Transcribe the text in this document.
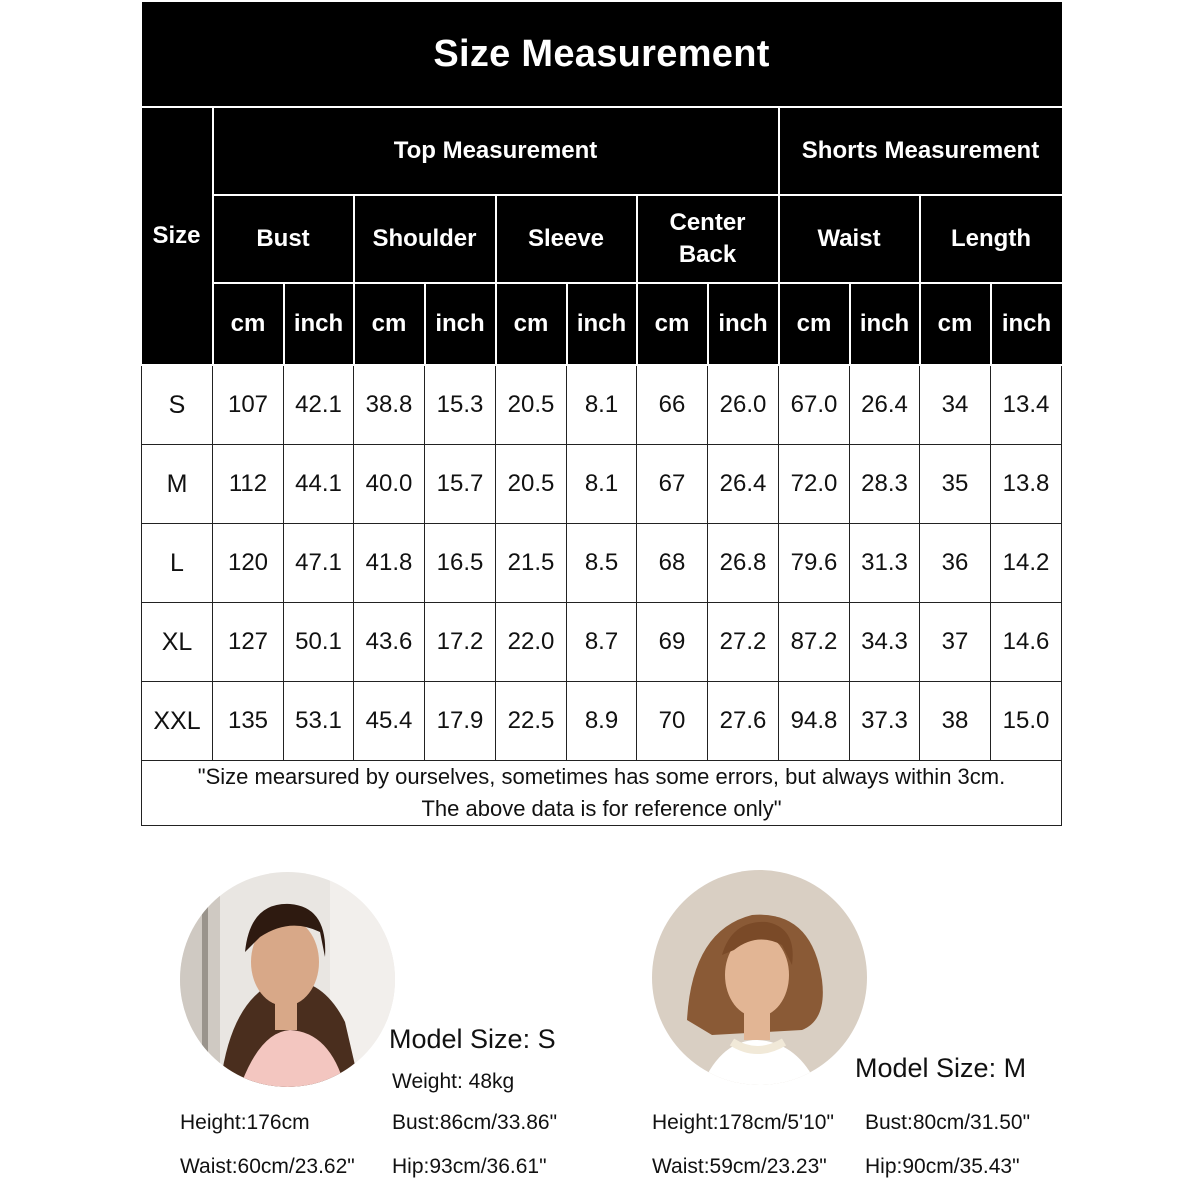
Size Measurement												
Size	Top Measurement								Shorts Measurement			
	Bust		Shoulder		Sleeve		Center Back		Waist		Length	
	cm	inch	cm	inch	cm	inch	cm	inch	cm	inch	cm	inch
S	107	42.1	38.8	15.3	20.5	8.1	66	26.0	67.0	26.4	34	13.4
M	112	44.1	40.0	15.7	20.5	8.1	67	26.4	72.0	28.3	35	13.8
L	120	47.1	41.8	16.5	21.5	8.5	68	26.8	79.6	31.3	36	14.2
XL	127	50.1	43.6	17.2	22.0	8.7	69	27.2	87.2	34.3	37	14.6
XXL	135	53.1	45.4	17.9	22.5	8.9	70	27.6	94.8	37.3	38	15.0

"Size mearsured by ourselves, sometimes has some errors, but always within 3cm.
The above data is for reference only"												
Model Size: S
Weight: 48kg
Height:176cm	Bust:86cm/33.86"
Waist:60cm/23.62" Hip:93cm/36.61"
Model Size: M
Height:178cm/5'10" Bust:80cm/31.50"
Waist:59cm/23.23" Hip:90cm/35.43"
